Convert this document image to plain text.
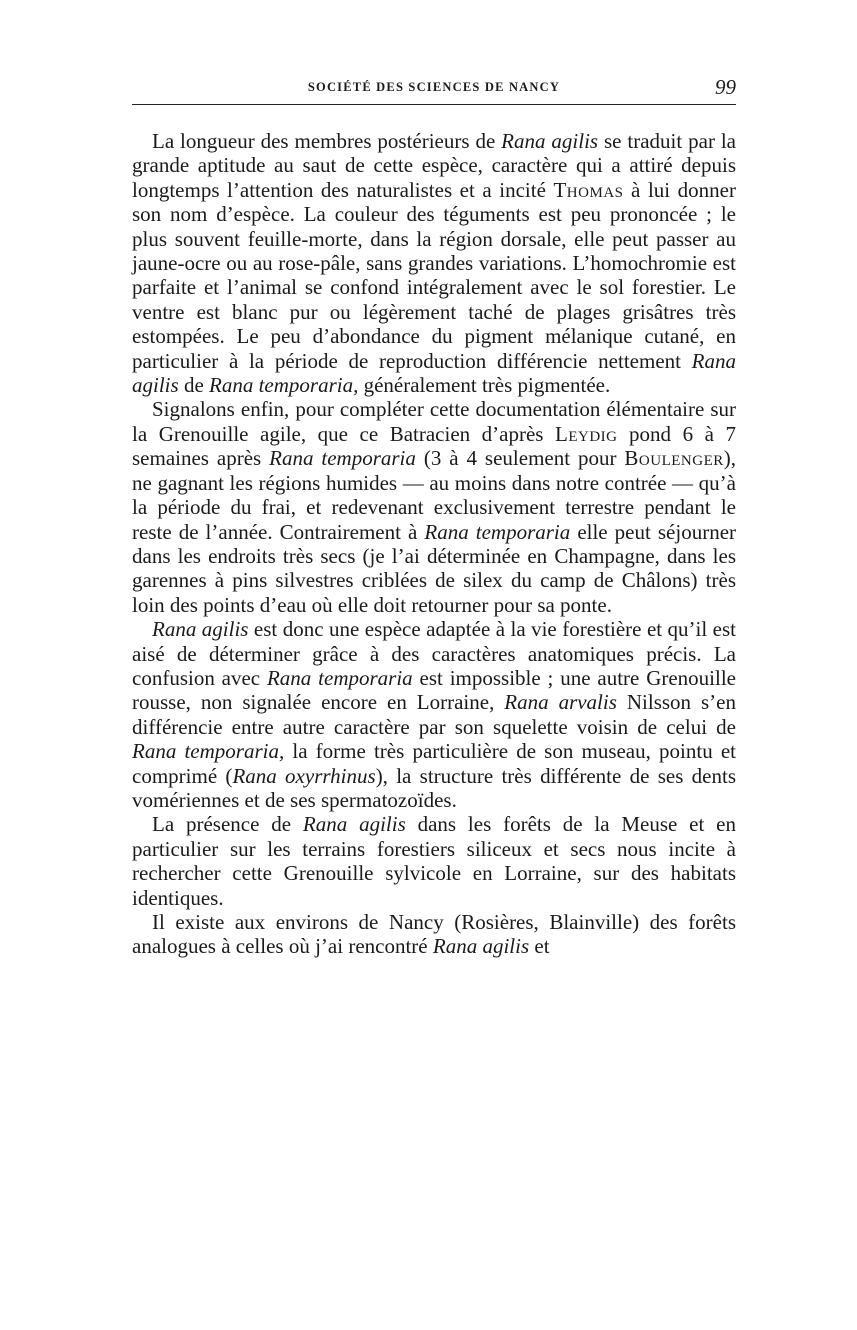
SOCIÉTÉ DES SCIENCES DE NANCY	99

La longueur des membres postérieurs de Rana agilis se traduit par la grande aptitude au saut de cette espèce, caractère qui a attiré depuis longtemps l’attention des naturalistes et a incité Thomas à lui donner son nom d’espèce. La couleur des téguments est peu prononcée ; le plus souvent feuille-morte, dans la région dorsale, elle peut passer au jaune-ocre ou au rose-pâle, sans grandes variations. L’homochromie est parfaite et l’animal se confond intégralement avec le sol forestier. Le ventre est blanc pur ou légèrement taché de plages grisâtres très estompées. Le peu d’abondance du pigment mélanique cutané, en particulier à la période de reproduction différencie nettement Rana agilis de Rana temporaria, généralement très pigmentée.

Signalons enfin, pour compléter cette documentation élémentaire sur la Grenouille agile, que ce Batracien d’après Leydig pond 6 à 7 semaines après Rana temporaria (3 à 4 seulement pour Boulenger), ne gagnant les régions humides — au moins dans notre contrée — qu’à la période du frai, et redevenant exclusivement terrestre pendant le reste de l’année. Contrairement à Rana temporaria elle peut séjourner dans les endroits très secs (je l’ai déterminée en Champagne, dans les garennes à pins silvestres criblées de silex du camp de Châlons) très loin des points d’eau où elle doit retourner pour sa ponte.

Rana agilis est donc une espèce adaptée à la vie forestière et qu’il est aisé de déterminer grâce à des caractères anatomiques précis. La confusion avec Rana temporaria est impossible ; une autre Grenouille rousse, non signalée encore en Lorraine, Rana arvalis Nilsson s’en différencie entre autre caractère par son squelette voisin de celui de Rana temporaria, la forme très particulière de son museau, pointu et comprimé (Rana oxyrrhinus), la structure très différente de ses dents vomériennes et de ses spermatozoïdes.

La présence de Rana agilis dans les forêts de la Meuse et en particulier sur les terrains forestiers siliceux et secs nous incite à rechercher cette Grenouille sylvicole en Lorraine, sur des habitats identiques.

Il existe aux environs de Nancy (Rosières, Blainville) des forêts analogues à celles où j’ai rencontré Rana agilis et
